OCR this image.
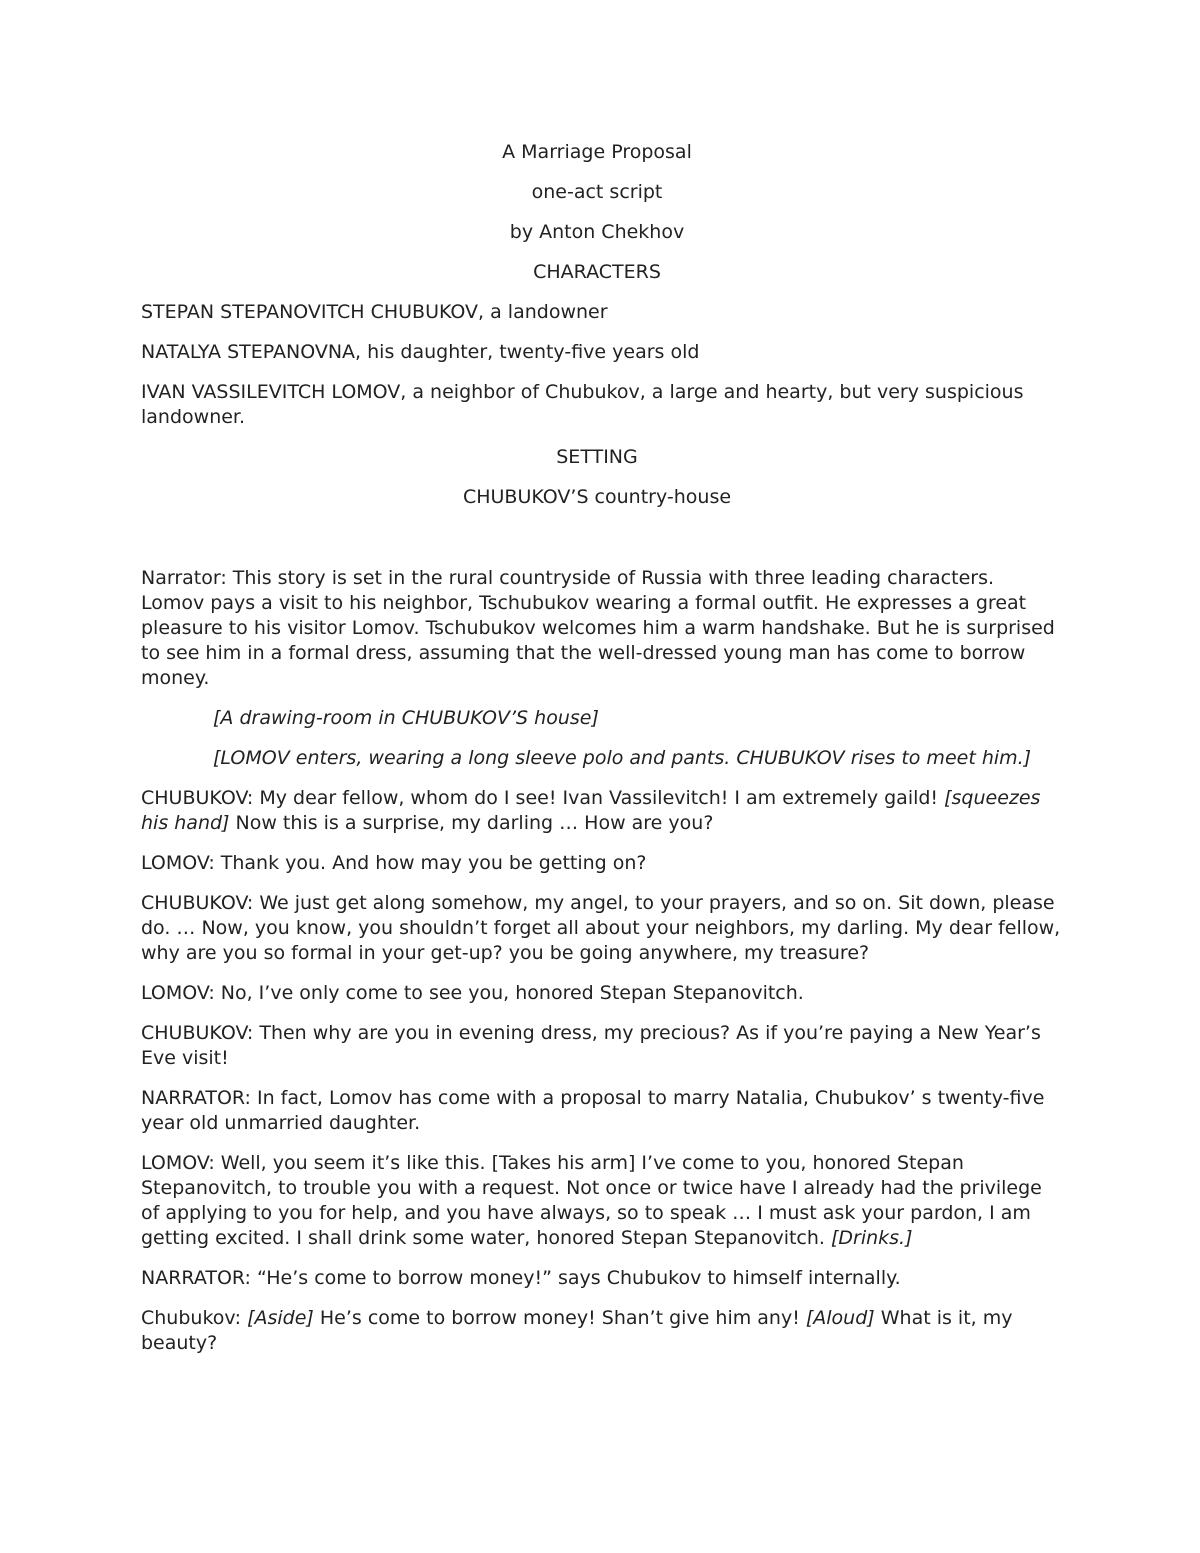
A Marriage Proposal

one-act script

by Anton Chekhov

CHARACTERS

STEPAN STEPANOVITCH CHUBUKOV, a landowner

NATALYA STEPANOVNA, his daughter, twenty-five years old

IVAN VASSILEVITCH LOMOV, a neighbor of Chubukov, a large and hearty, but very suspicious landowner.

SETTING

CHUBUKOV’S country-house

Narrator: This story is set in the rural countryside of Russia with three leading characters. Lomov pays a visit to his neighbor, Tschubukov wearing a formal outfit. He expresses a great pleasure to his visitor Lomov. Tschubukov welcomes him a warm handshake. But he is surprised to see him in a formal dress, assuming that the well-dressed young man has come to borrow money.

[A drawing-room in CHUBUKOV’S house]

[LOMOV enters, wearing a long sleeve polo and pants. CHUBUKOV rises to meet him.]

CHUBUKOV: My dear fellow, whom do I see! Ivan Vassilevitch! I am extremely gaild! [squeezes his hand] Now this is a surprise, my darling … How are you?

LOMOV: Thank you. And how may you be getting on?

CHUBUKOV: We just get along somehow, my angel, to your prayers, and so on. Sit down, please do. … Now, you know, you shouldn’t forget all about your neighbors, my darling. My dear fellow, why are you so formal in your get-up? you be going anywhere, my treasure?

LOMOV: No, I’ve only come to see you, honored Stepan Stepanovitch.

CHUBUKOV: Then why are you in evening dress, my precious? As if you’re paying a New Year’s Eve visit!

NARRATOR: In fact, Lomov has come with a proposal to marry Natalia, Chubukov’ s twenty-five year old unmarried daughter.

LOMOV: Well, you seem it’s like this. [Takes his arm] I’ve come to you, honored Stepan Stepanovitch, to trouble you with a request. Not once or twice have I already had the privilege of applying to you for help, and you have always, so to speak … I must ask your pardon, I am getting excited. I shall drink some water, honored Stepan Stepanovitch. [Drinks.]

NARRATOR: “He’s come to borrow money!” says Chubukov to himself internally.

Chubukov: [Aside] He’s come to borrow money! Shan’t give him any! [Aloud] What is it, my beauty?
